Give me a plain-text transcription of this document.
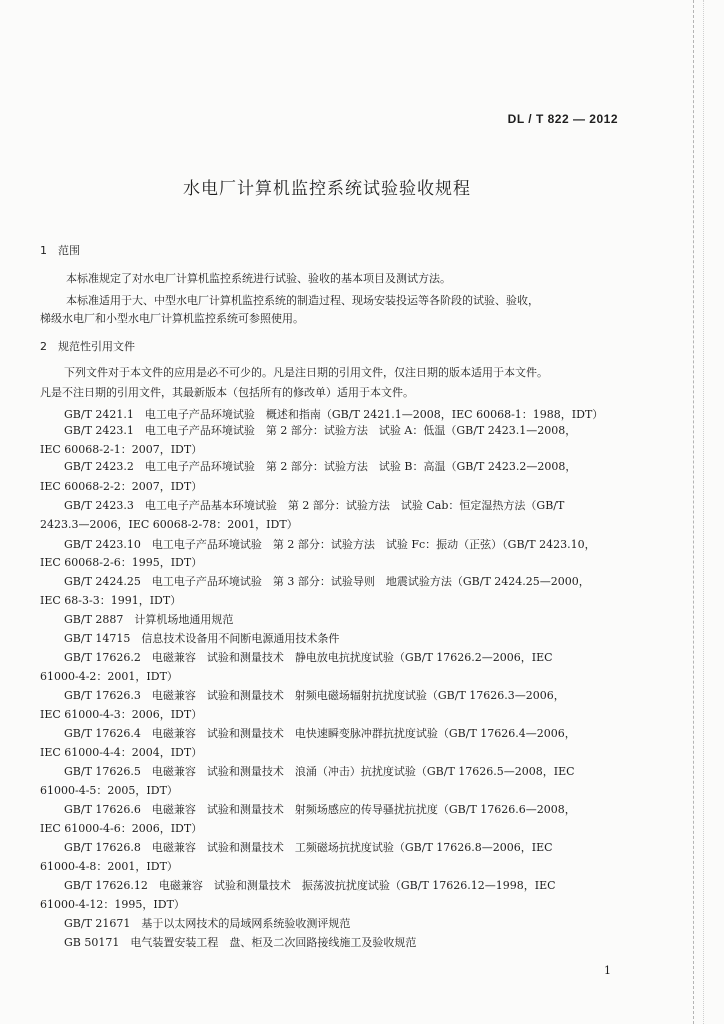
DL / T 822 — 2012
水电厂计算机监控系统试验验收规程
1　范围
本标准规定了对水电厂计算机监控系统进行试验、验收的基本项目及测试方法。
本标准适用于大、中型水电厂计算机监控系统的制造过程、现场安装投运等各阶段的试验、验收，
梯级水电厂和小型水电厂计算机监控系统可参照使用。
2　规范性引用文件
下列文件对于本文件的应用是必不可少的。凡是注日期的引用文件，仅注日期的版本适用于本文件。
凡是不注日期的引用文件，其最新版本（包括所有的修改单）适用于本文件。
GB/T 2421.1　电工电子产品环境试验　概述和指南（GB/T 2421.1—2008，IEC 60068-1：1988，IDT）
GB/T 2423.1　电工电子产品环境试验　第 2 部分：试验方法　试验 A：低温（GB/T 2423.1—2008，
IEC 60068-2-1：2007，IDT）
GB/T 2423.2　电工电子产品环境试验　第 2 部分：试验方法　试验 B：高温（GB/T 2423.2—2008，
IEC 60068-2-2：2007，IDT）
GB/T 2423.3　电工电子产品基本环境试验　第 2 部分：试验方法　试验 Cab：恒定湿热方法（GB/T
2423.3—2006，IEC 60068-2-78：2001，IDT）
GB/T 2423.10　电工电子产品环境试验　第 2 部分：试验方法　试验 Fc：振动（正弦）（GB/T 2423.10，
IEC 60068-2-6：1995，IDT）
GB/T 2424.25　电工电子产品环境试验　第 3 部分：试验导则　地震试验方法（GB/T 2424.25—2000，
IEC 68-3-3：1991，IDT）
GB/T 2887　计算机场地通用规范
GB/T 14715　信息技术设备用不间断电源通用技术条件
GB/T 17626.2　电磁兼容　试验和测量技术　静电放电抗扰度试验（GB/T 17626.2—2006，IEC
61000-4-2：2001，IDT）
GB/T 17626.3　电磁兼容　试验和测量技术　射频电磁场辐射抗扰度试验（GB/T 17626.3—2006，
IEC 61000-4-3：2006，IDT）
GB/T 17626.4　电磁兼容　试验和测量技术　电快速瞬变脉冲群抗扰度试验（GB/T 17626.4—2006，
IEC 61000-4-4：2004，IDT）
GB/T 17626.5　电磁兼容　试验和测量技术　浪涌（冲击）抗扰度试验（GB/T 17626.5—2008，IEC
61000-4-5：2005，IDT）
GB/T 17626.6　电磁兼容　试验和测量技术　射频场感应的传导骚扰抗扰度（GB/T 17626.6—2008，
IEC 61000-4-6：2006，IDT）
GB/T 17626.8　电磁兼容　试验和测量技术　工频磁场抗扰度试验（GB/T 17626.8—2006，IEC
61000-4-8：2001，IDT）
GB/T 17626.12　电磁兼容　试验和测量技术　振荡波抗扰度试验（GB/T 17626.12—1998，IEC
61000-4-12：1995，IDT）
GB/T 21671　基于以太网技术的局域网系统验收测评规范
GB 50171　电气装置安装工程　盘、柜及二次回路接线施工及验收规范
1
